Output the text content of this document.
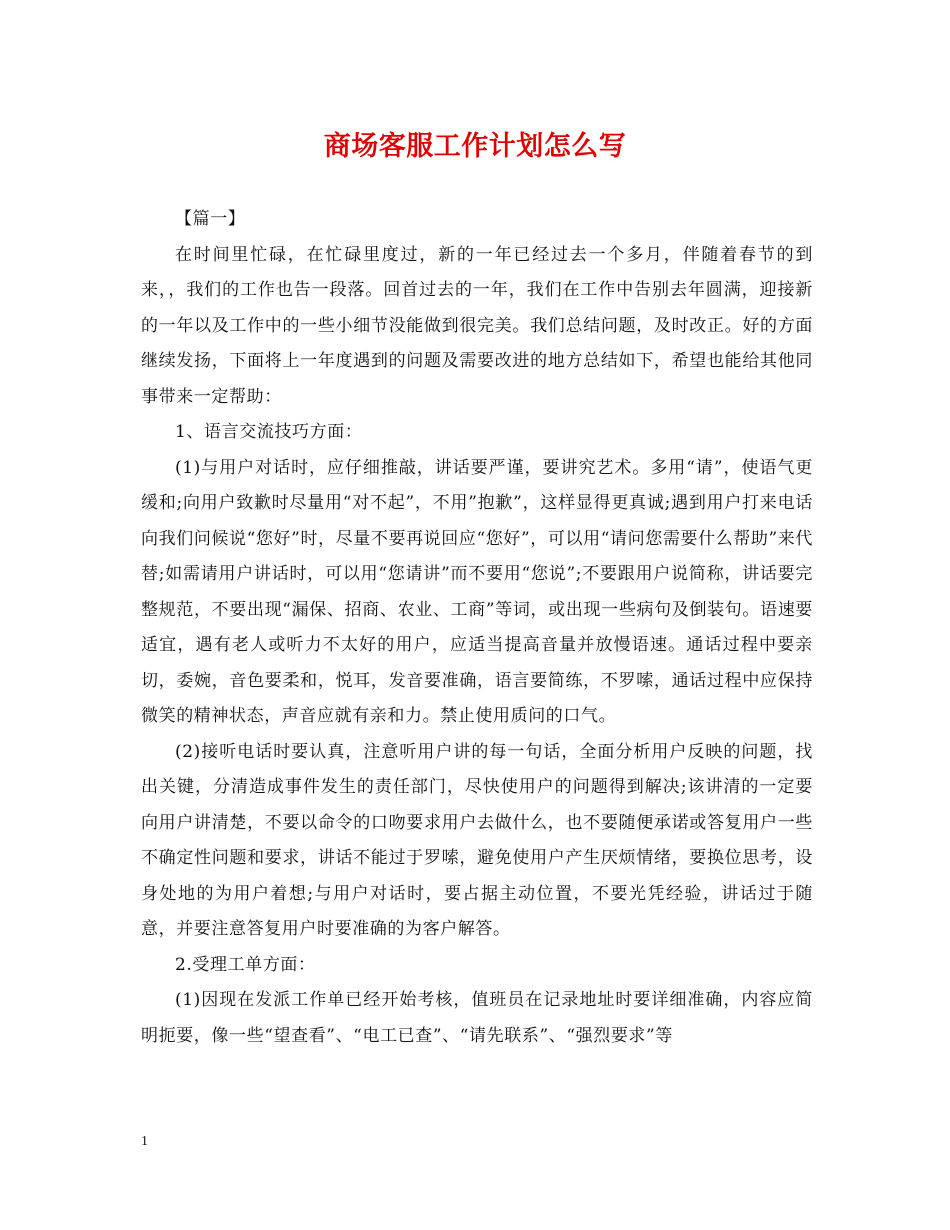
商场客服工作计划怎么写

【篇一】

在时间里忙碌，在忙碌里度过，新的一年已经过去一个多月，伴随着春节的到来，，我们的工作也告一段落。回首过去的一年，我们在工作中告别去年圆满，迎接新的一年以及工作中的一些小细节没能做到很完美。我们总结问题，及时改正。好的方面继续发扬，下面将上一年度遇到的问题及需要改进的地方总结如下，希望也能给其他同事带来一定帮助：

1、语言交流技巧方面：

(1)与用户对话时，应仔细推敲，讲话要严谨，要讲究艺术。多用“请”，使语气更缓和;向用户致歉时尽量用“对不起”，不用”抱歉”，这样显得更真诚;遇到用户打来电话向我们问候说“您好”时，尽量不要再说回应“您好”，可以用“请问您需要什么帮助”来代替;如需请用户讲话时，可以用“您请讲”而不要用“您说”;不要跟用户说简称，讲话要完整规范，不要出现“漏保、招商、农业、工商”等词，或出现一些病句及倒装句。语速要适宜，遇有老人或听力不太好的用户，应适当提高音量并放慢语速。通话过程中要亲切，委婉，音色要柔和，悦耳，发音要准确，语言要简练，不罗嗦，通话过程中应保持微笑的精神状态，声音应就有亲和力。禁止使用质问的口气。

(2)接听电话时要认真，注意听用户讲的每一句话，全面分析用户反映的问题，找出关键，分清造成事件发生的责任部门，尽快使用户的问题得到解决;该讲清的一定要向用户讲清楚，不要以命令的口吻要求用户去做什么，也不要随便承诺或答复用户一些不确定性问题和要求，讲话不能过于罗嗦，避免使用户产生厌烦情绪，要换位思考，设身处地的为用户着想;与用户对话时，要占据主动位置，不要光凭经验，讲话过于随意，并要注意答复用户时要准确的为客户解答。

2.受理工单方面：

(1)因现在发派工作单已经开始考核，值班员在记录地址时要详细准确，内容应简明扼要，像一些“望查看”、“电工已查”、“请先联系”、“强烈要求”等

1
